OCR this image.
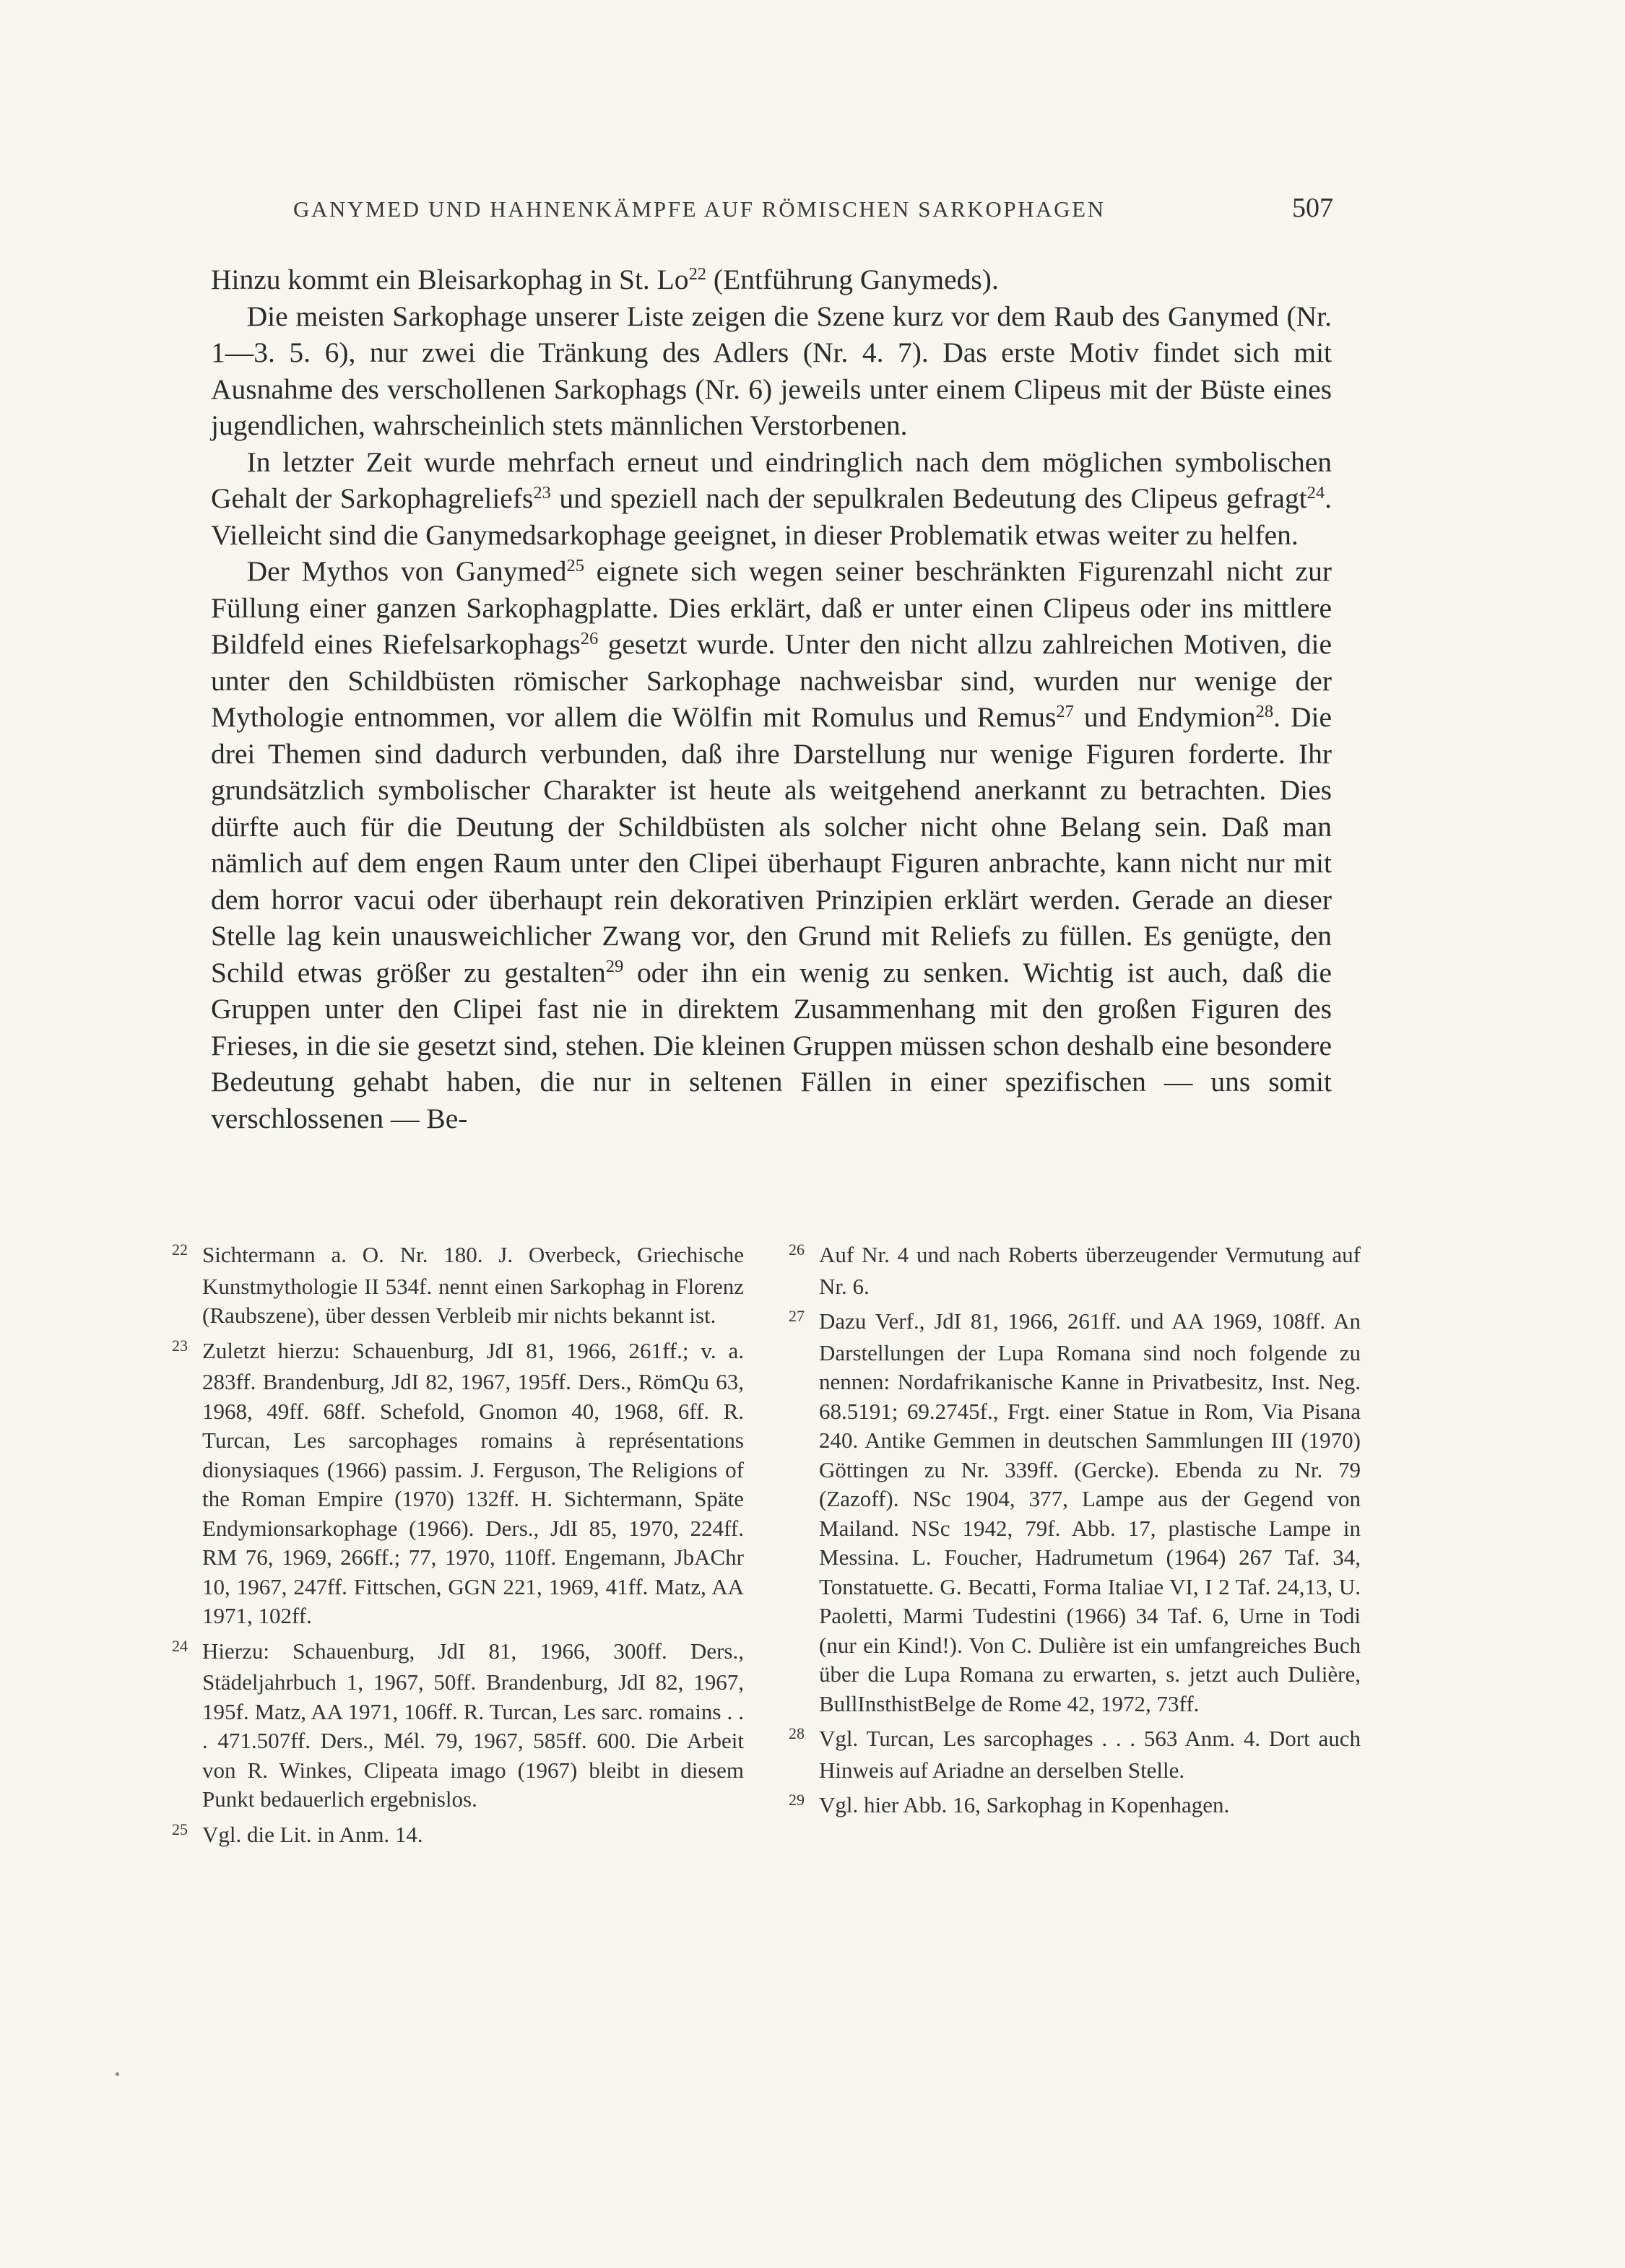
GANYMED UND HAHNENKÄMPFE AUF RÖMISCHEN SARKOPHAGEN	507

Hinzu kommt ein Bleisarkophag in St. Lo$^{22}$ (Entführung Ganymeds).

Die meisten Sarkophage unserer Liste zeigen die Szene kurz vor dem Raub des Ganymed (Nr. 1—3. 5. 6), nur zwei die Tränkung des Adlers (Nr. 4. 7). Das erste Motiv findet sich mit Ausnahme des verschollenen Sarkophags (Nr. 6) jeweils unter einem Clipeus mit der Büste eines jugendlichen, wahrscheinlich stets männlichen Verstorbenen.

In letzter Zeit wurde mehrfach erneut und eindringlich nach dem möglichen symbolischen Gehalt der Sarkophagreliefs$^{23}$ und speziell nach der sepulkralen Bedeutung des Clipeus gefragt$^{24}$. Vielleicht sind die Ganymedsarkophage geeignet, in dieser Problematik etwas weiter zu helfen.

Der Mythos von Ganymed$^{25}$ eignete sich wegen seiner beschränkten Figurenzahl nicht zur Füllung einer ganzen Sarkophagplatte. Dies erklärt, daß er unter einen Clipeus oder ins mittlere Bildfeld eines Riefelsarkophags$^{26}$ gesetzt wurde. Unter den nicht allzu zahlreichen Motiven, die unter den Schildbüsten römischer Sarkophage nachweisbar sind, wurden nur wenige der Mythologie entnommen, vor allem die Wölfin mit Romulus und Remus$^{27}$ und Endymion$^{28}$. Die drei Themen sind dadurch verbunden, daß ihre Darstellung nur wenige Figuren forderte. Ihr grundsätzlich symbolischer Charakter ist heute als weitgehend anerkannt zu betrachten. Dies dürfte auch für die Deutung der Schildbüsten als solcher nicht ohne Belang sein. Daß man nämlich auf dem engen Raum unter den Clipei überhaupt Figuren anbrachte, kann nicht nur mit dem horror vacui oder überhaupt rein dekorativen Prinzipien erklärt werden. Gerade an dieser Stelle lag kein unausweichlicher Zwang vor, den Grund mit Reliefs zu füllen. Es genügte, den Schild etwas größer zu gestalten$^{29}$ oder ihn ein wenig zu senken. Wichtig ist auch, daß die Gruppen unter den Clipei fast nie in direktem Zusammenhang mit den großen Figuren des Frieses, in die sie gesetzt sind, stehen. Die kleinen Gruppen müssen schon deshalb eine besondere Bedeutung gehabt haben, die nur in seltenen Fällen in einer spezifischen — uns somit verschlossenen — Be-

22 Sichtermann a. O. Nr. 180. J. Overbeck, Griechische Kunstmythologie II 534f. nennt einen Sarkophag in Florenz (Raubszene), über dessen Verbleib mir nichts bekannt ist.

23 Zuletzt hierzu: Schauenburg, JdI 81, 1966, 261ff.; v. a. 283ff. Brandenburg, JdI 82, 1967, 195ff. Ders., RömQu 63, 1968, 49ff. 68ff. Schefold, Gnomon 40, 1968, 6ff. R. Turcan, Les sarcophages romains à représentations dionysiaques (1966) passim. J. Ferguson, The Religions of the Roman Empire (1970) 132ff. H. Sichtermann, Späte Endymionsarkophage (1966). Ders., JdI 85, 1970, 224ff. RM 76, 1969, 266ff.; 77, 1970, 110ff. Engemann, JbAChr 10, 1967, 247ff. Fittschen, GGN 221, 1969, 41ff. Matz, AA 1971, 102ff.

24 Hierzu: Schauenburg, JdI 81, 1966, 300ff. Ders., Städeljahrbuch 1, 1967, 50ff. Brandenburg, JdI 82, 1967, 195f. Matz, AA 1971, 106ff. R. Turcan, Les sarc. romains . . . 471.507ff. Ders., Mél. 79, 1967, 585ff. 600. Die Arbeit von R. Winkes, Clipeata imago (1967) bleibt in diesem Punkt bedauerlich ergebnislos.

25 Vgl. die Lit. in Anm. 14.

26 Auf Nr. 4 und nach Roberts überzeugender Vermutung auf Nr. 6.

27 Dazu Verf., JdI 81, 1966, 261ff. und AA 1969, 108ff. An Darstellungen der Lupa Romana sind noch folgende zu nennen: Nordafrikanische Kanne in Privatbesitz, Inst. Neg. 68.5191; 69.2745f., Frgt. einer Statue in Rom, Via Pisana 240. Antike Gemmen in deutschen Sammlungen III (1970) Göttingen zu Nr. 339ff. (Gercke). Ebenda zu Nr. 79 (Zazoff). NSc 1904, 377, Lampe aus der Gegend von Mailand. NSc 1942, 79f. Abb. 17, plastische Lampe in Messina. L. Foucher, Hadrumetum (1964) 267 Taf. 34, Tonstatuette. G. Becatti, Forma Italiae VI, I 2 Taf. 24,13, U. Paoletti, Marmi Tudestini (1966) 34 Taf. 6, Urne in Todi (nur ein Kind!). Von C. Dulière ist ein umfangreiches Buch über die Lupa Romana zu erwarten, s. jetzt auch Dulière, BullInsthistBelge de Rome 42, 1972, 73ff.

28 Vgl. Turcan, Les sarcophages . . . 563 Anm. 4. Dort auch Hinweis auf Ariadne an derselben Stelle.

29 Vgl. hier Abb. 16, Sarkophag in Kopenhagen.
